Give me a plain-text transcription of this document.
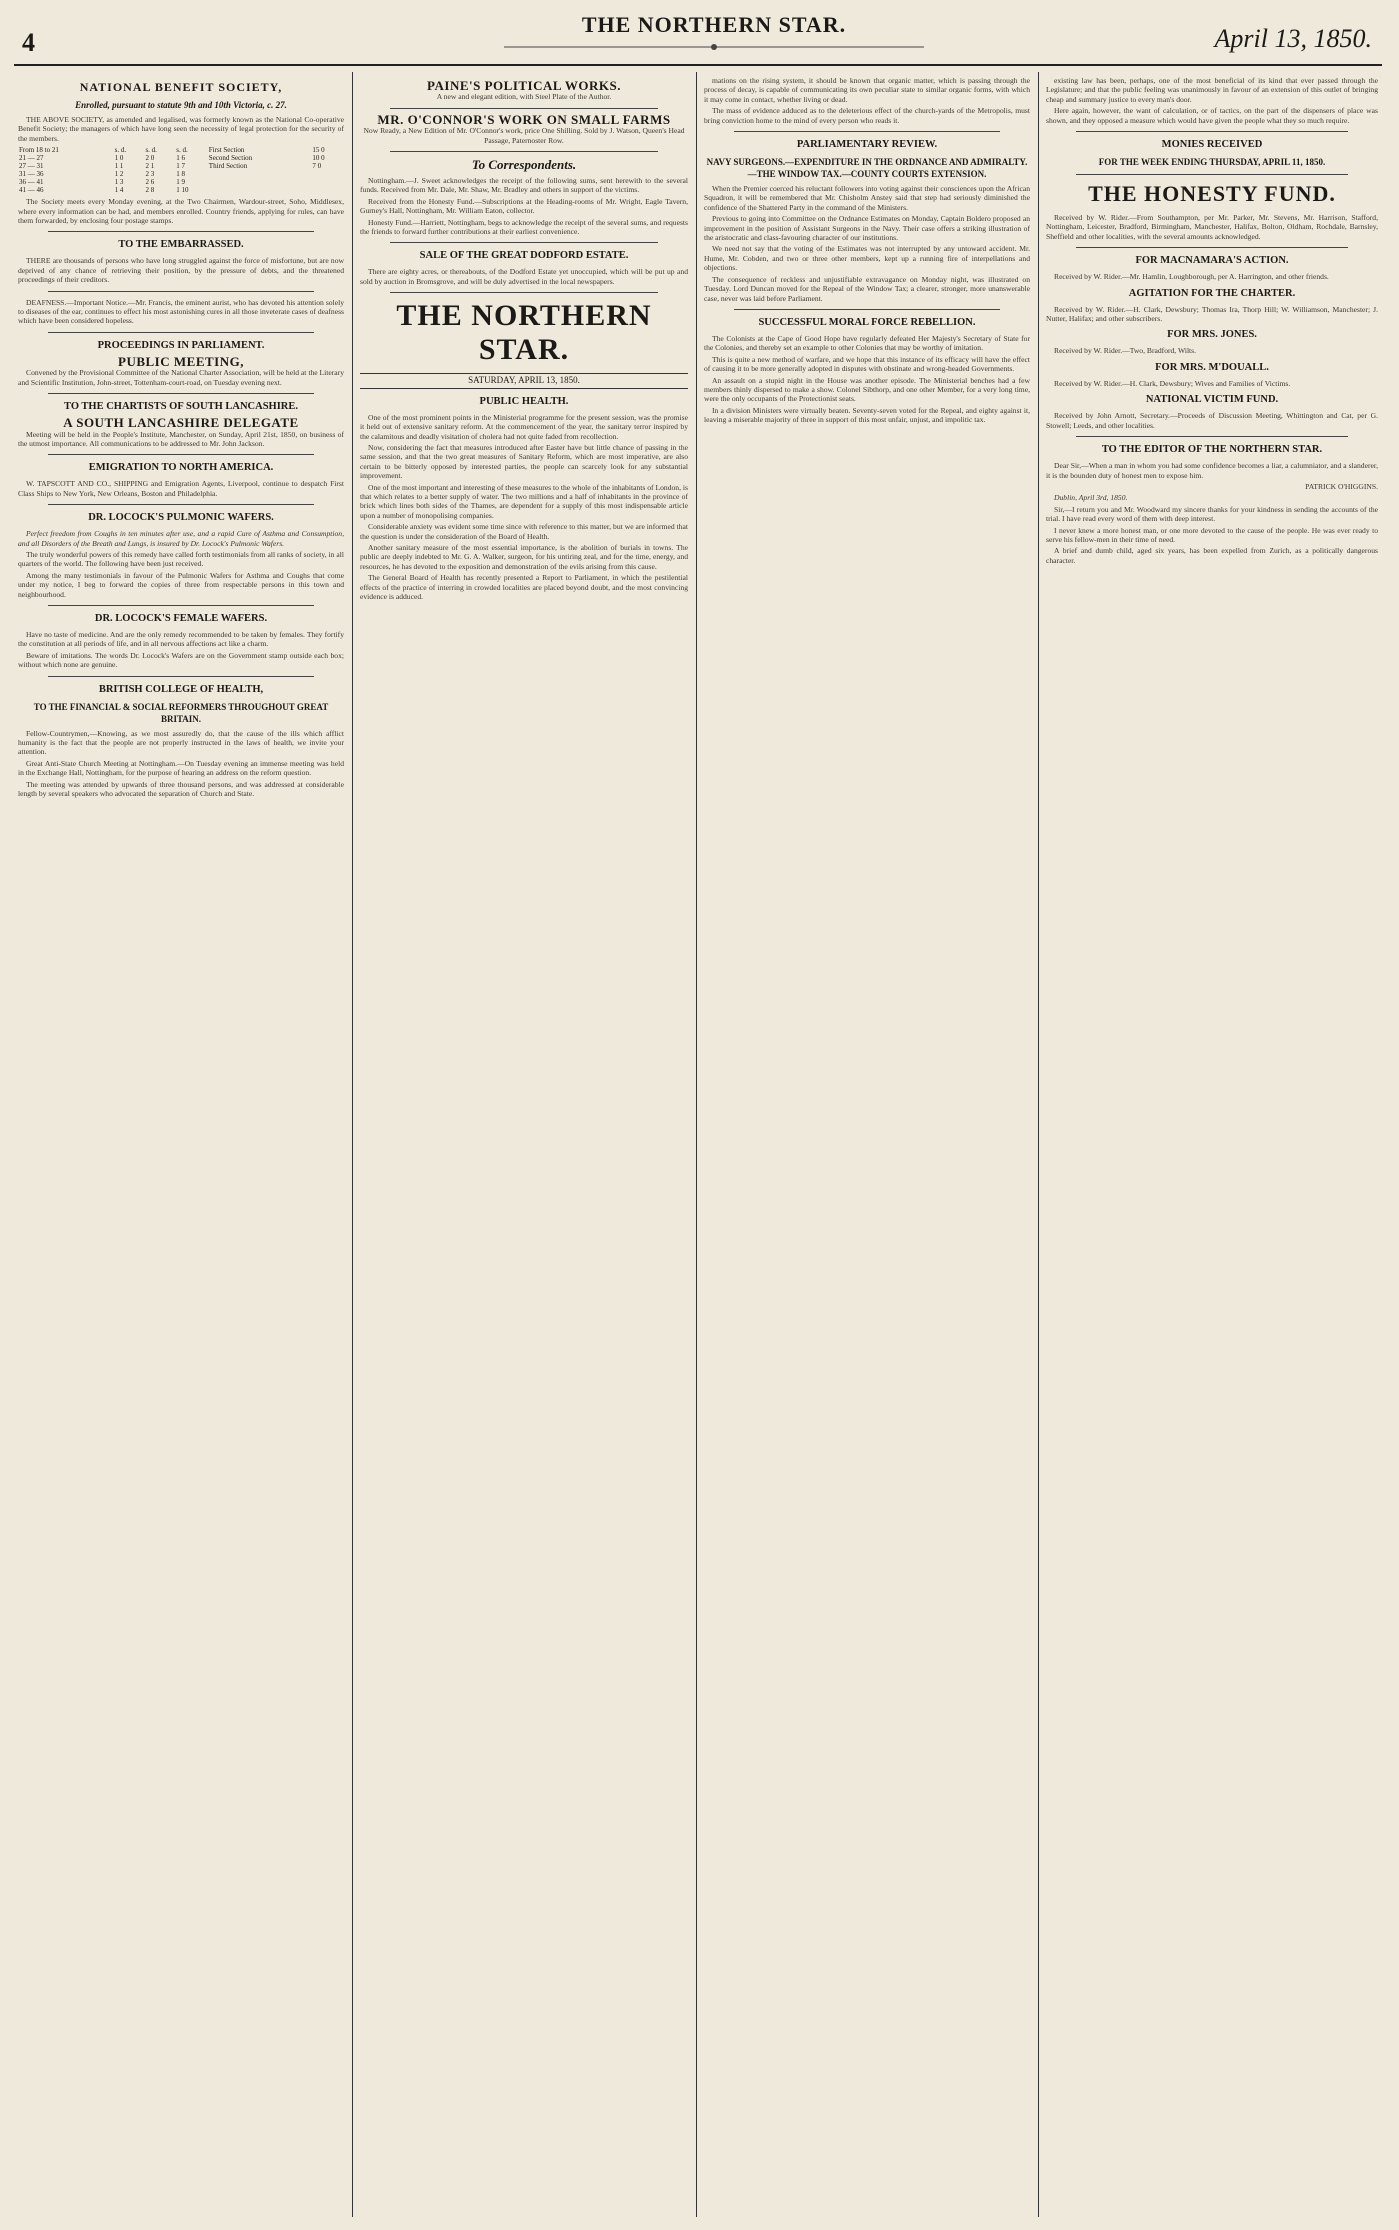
4
THE NORTHERN STAR.	April 13, 1850.
NATIONAL BENEFIT SOCIETY,
Enrolled, pursuant to statute 9th and 10th Victoria, c. 27.

THE ABOVE SOCIETY, as amended and legalised, was formerly known as the National Co-operative Benefit Society; the managers of which have long seen the necessity of legal protection for the security of the members.

From 18 to 21	s. d.	s. d.	s. d.	First Section	15 0
21 — 27	1 0	2 0	1 6	Second Section	10 0
27 — 31	1 1	2 1	1 7	Third Section	7 0
31 — 36	1 2	2 3	1 8		
36 — 41	1 3	2 6	1 9		
41 — 46	1 4	2 8	1 10		

The Society meets every Monday evening, at the Two Chairmen, Wardour-street, Soho, Middlesex, where every information can be had, and members enrolled. Country friends, applying for rules, can have them forwarded, by enclosing four postage stamps.

TO THE EMBARRASSED.

THERE are thousands of persons who have long struggled against the force of misfortune, but are now deprived of any chance of retrieving their position, by the pressure of debts, and the threatened proceedings of their creditors.

DEAFNESS.—Important Notice.—Mr. Francis, the eminent aurist, who has devoted his attention solely to diseases of the ear, continues to effect his most astonishing cures in all those inveterate cases of deafness which have been considered hopeless.

PROCEEDINGS IN PARLIAMENT.
PUBLIC MEETING,

Convened by the Provisional Committee of the National Charter Association, will be held at the Literary and Scientific Institution, John-street, Tottenham-court-road, on Tuesday evening next.

TO THE CHARTISTS OF SOUTH LANCASHIRE.
A SOUTH LANCASHIRE DELEGATE

Meeting will be held in the People's Institute, Manchester, on Sunday, April 21st, 1850, on business of the utmost importance. All communications to be addressed to Mr. John Jackson.

EMIGRATION TO NORTH AMERICA.

W. TAPSCOTT AND CO., SHIPPING and Emigration Agents, Liverpool, continue to despatch First Class Ships to New York, New Orleans, Boston and Philadelphia.

DR. LOCOCK'S PULMONIC WAFERS.

Perfect freedom from Coughs in ten minutes after use, and a rapid Cure of Asthma and Consumption, and all Disorders of the Breath and Lungs, is insured by Dr. Locock's Pulmonic Wafers.

The truly wonderful powers of this remedy have called forth testimonials from all ranks of society, in all quarters of the world. The following have been just received.

Among the many testimonials in favour of the Pulmonic Wafers for Asthma and Coughs that come under my notice, I beg to forward the copies of three from respectable persons in this town and neighbourhood.

DR. LOCOCK'S FEMALE WAFERS.

Have no taste of medicine. And are the only remedy recommended to be taken by females. They fortify the constitution at all periods of life, and in all nervous affections act like a charm.

Beware of imitations. The words Dr. Locock's Wafers are on the Government stamp outside each box; without which none are genuine.

BRITISH COLLEGE OF HEALTH,
TO THE FINANCIAL & SOCIAL REFORMERS THROUGHOUT GREAT BRITAIN.

Fellow-Countrymen,—Knowing, as we most assuredly do, that the cause of the ills which afflict humanity is the fact that the people are not properly instructed in the laws of health, we invite your attention.

Great Anti-State Church Meeting at Nottingham.—On Tuesday evening an immense meeting was held in the Exchange Hall, Nottingham, for the purpose of hearing an address on the reform question.

The meeting was attended by upwards of three thousand persons, and was addressed at considerable length by several speakers who advocated the separation of Church and State.

PAINE'S POLITICAL WORKS.

A new and elegant edition, with Steel Plate of the Author.

MR. O'CONNOR'S WORK ON SMALL FARMS

Now Ready, a New Edition of Mr. O'Connor's work, price One Shilling. Sold by J. Watson, Queen's Head Passage, Paternoster Row.

To Correspondents.

Nottingham.—J. Sweet acknowledges the receipt of the following sums, sent herewith to the several funds. Received from Mr. Dale, Mr. Shaw, Mr. Bradley and others in support of the victims.

Received from the Honesty Fund.—Subscriptions at the Heading-rooms of Mr. Wright, Eagle Tavern, Gurney's Hall, Nottingham, Mr. William Eaton, collector.

Honesty Fund.—Harriett, Nottingham, begs to acknowledge the receipt of the several sums, and requests the friends to forward further contributions at their earliest convenience.

SALE OF THE GREAT DODFORD ESTATE.

There are eighty acres, or thereabouts, of the Dodford Estate yet unoccupied, which will be put up and sold by auction in Bromsgrove, and will be duly advertised in the local newspapers.

THE NORTHERN STAR.
SATURDAY, APRIL 13, 1850.
PUBLIC HEALTH.

One of the most prominent points in the Ministerial programme for the present session, was the promise it held out of extensive sanitary reform. At the commencement of the year, the sanitary terror inspired by the calamitous and deadly visitation of cholera had not quite faded from recollection.

Now, considering the fact that measures introduced after Easter have but little chance of passing in the same session, and that the two great measures of Sanitary Reform, which are most imperative, are also certain to be bitterly opposed by interested parties, the people can scarcely look for any substantial improvement.

One of the most important and interesting of these measures to the whole of the inhabitants of London, is that which relates to a better supply of water. The two millions and a half of inhabitants in the province of brick which lines both sides of the Thames, are dependent for a supply of this most indispensable article upon a number of monopolising companies.

Considerable anxiety was evident some time since with reference to this matter, but we are informed that the question is under the consideration of the Board of Health.

Another sanitary measure of the most essential importance, is the abolition of burials in towns. The public are deeply indebted to Mr. G. A. Walker, surgeon, for his untiring zeal, and for the time, energy, and resources, he has devoted to the exposition and demonstration of the evils arising from this cause.

The General Board of Health has recently presented a Report to Parliament, in which the pestilential effects of the practice of interring in crowded localities are placed beyond doubt, and the most convincing evidence is adduced.

mations on the rising system, it should be known that organic matter, which is passing through the process of decay, is capable of communicating its own peculiar state to similar organic forms, with which it may come in contact, whether living or dead.

The mass of evidence adduced as to the deleterious effect of the church-yards of the Metropolis, must bring conviction home to the mind of every person who reads it.

PARLIAMENTARY REVIEW.
NAVY SURGEONS.—EXPENDITURE IN THE ORDNANCE AND ADMIRALTY.—THE WINDOW TAX.—COUNTY COURTS EXTENSION.

When the Premier coerced his reluctant followers into voting against their consciences upon the African Squadron, it will be remembered that Mr. Chisholm Anstey said that step had seriously diminished the confidence of the Shattered Party in the command of the Ministers.

Previous to going into Committee on the Ordnance Estimates on Monday, Captain Boldero proposed an improvement in the position of Assistant Surgeons in the Navy. Their case offers a striking illustration of the aristocratic and class-favouring character of our institutions.

We need not say that the voting of the Estimates was not interrupted by any untoward accident. Mr. Hume, Mr. Cobden, and two or three other members, kept up a running fire of interpellations and objections.

The consequence of reckless and unjustifiable extravagance on Monday night, was illustrated on Tuesday. Lord Duncan moved for the Repeal of the Window Tax; a clearer, stronger, more unanswerable case, never was laid before Parliament.

SUCCESSFUL MORAL FORCE REBELLION.

The Colonists at the Cape of Good Hope have regularly defeated Her Majesty's Secretary of State for the Colonies, and thereby set an example to other Colonies that may be worthy of imitation.

This is quite a new method of warfare, and we hope that this instance of its efficacy will have the effect of causing it to be more generally adopted in disputes with obstinate and wrong-headed Governments.

An assault on a stupid night in the House was another episode. The Ministerial benches had a few members thinly dispersed to make a show. Colonel Sibthorp, and one other Member, for a very long time, were the only occupants of the Protectionist seats.

In a division Ministers were virtually beaten. Seventy-seven voted for the Repeal, and eighty against it, leaving a miserable majority of three in support of this most unfair, unjust, and impolitic tax.

existing law has been, perhaps, one of the most beneficial of its kind that ever passed through the Legislature; and that the public feeling was unanimously in favour of an extension of this outlet of bringing cheap and summary justice to every man's door.

Here again, however, the want of calculation, or of tactics, on the part of the dispensers of place was shown, and they opposed a measure which would have given the people what they so much require.

MONIES RECEIVED
FOR THE WEEK ENDING THURSDAY, APRIL 11, 1850.
THE HONESTY FUND.

Received by W. Rider.—From Southampton, per Mr. Parker, Mr. Stevens, Mr. Harrison, Stafford, Nottingham, Leicester, Bradford, Birmingham, Manchester, Halifax, Bolton, Oldham, Rochdale, Barnsley, Sheffield and other localities, with the several amounts acknowledged.

FOR MACNAMARA'S ACTION.

Received by W. Rider.—Mr. Hamlin, Loughborough, per A. Harrington, and other friends.

AGITATION FOR THE CHARTER.

Received by W. Rider.—H. Clark, Dewsbury; Thomas Ira, Thorp Hill; W. Williamson, Manchester; J. Nutter, Halifax; and other subscribers.

FOR MRS. JONES.

Received by W. Rider.—Two, Bradford, Wilts.

FOR MRS. M'DOUALL.

Received by W. Rider.—H. Clark, Dewsbury; Wives and Families of Victims.

NATIONAL VICTIM FUND.

Received by John Arnott, Secretary.—Proceeds of Discussion Meeting, Whittington and Cat, per G. Stowell; Leeds, and other localities.

TO THE EDITOR OF THE NORTHERN STAR.

Dear Sir,—When a man in whom you had some confidence becomes a liar, a calumniator, and a slanderer, it is the bounden duty of honest men to expose him.

PATRICK O'HIGGINS.

Dublin, April 3rd, 1850.

Sir,—I return you and Mr. Woodward my sincere thanks for your kindness in sending the accounts of the trial. I have read every word of them with deep interest.

I never knew a more honest man, or one more devoted to the cause of the people. He was ever ready to serve his fellow-men in their time of need.

A brief and dumb child, aged six years, has been expelled from Zurich, as a politically dangerous character.
